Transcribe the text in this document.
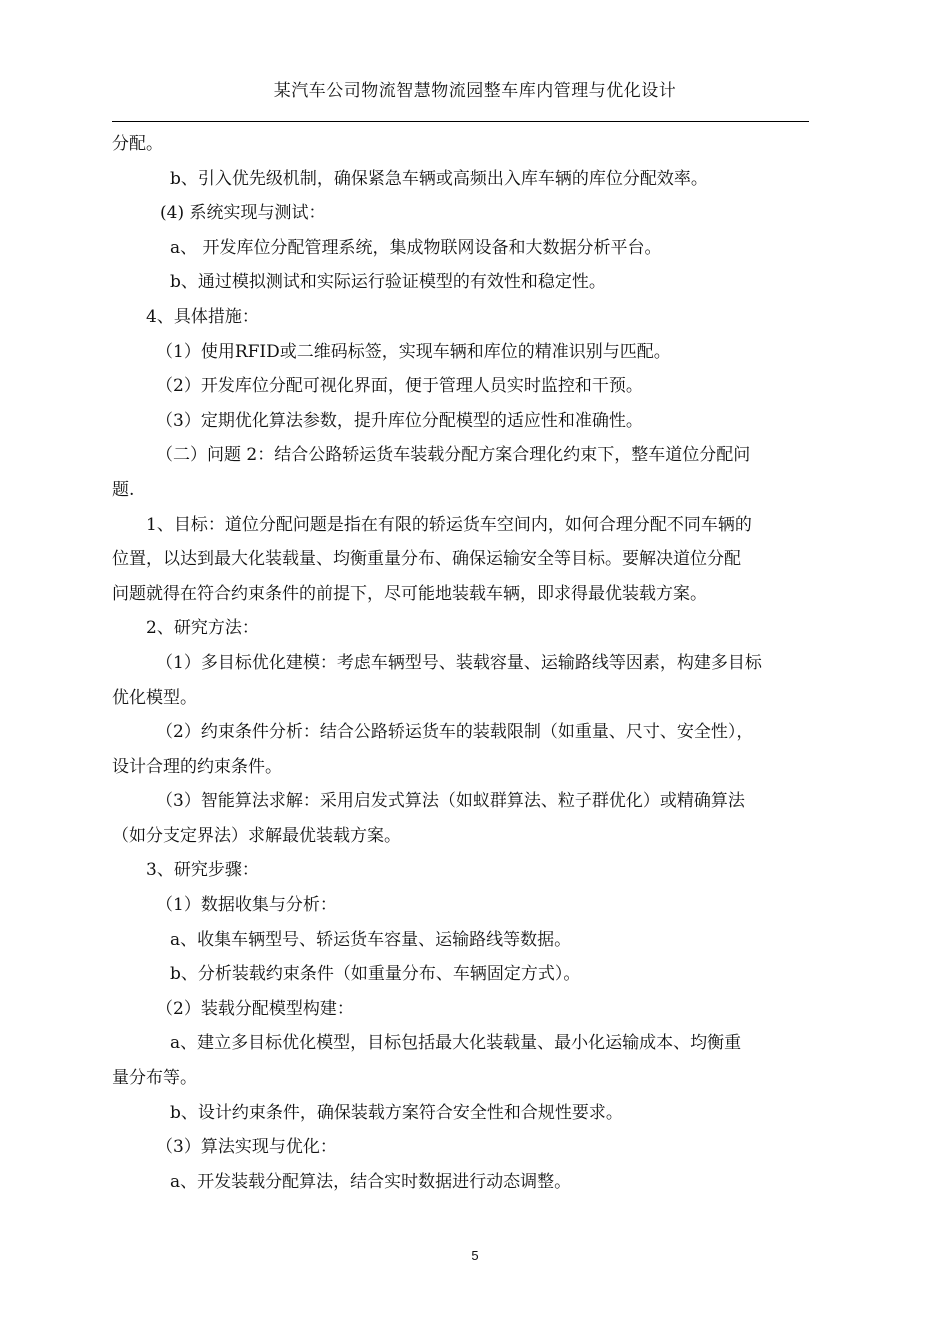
某汽车公司物流智慧物流园整车库内管理与优化设计
分配。
b、引入优先级机制，确保紧急车辆或高频出入库车辆的库位分配效率。
(4) 系统实现与测试：
a、 开发库位分配管理系统，集成物联网设备和大数据分析平台。
b、通过模拟测试和实际运行验证模型的有效性和稳定性。
4、具体措施：
（1）使用RFID或二维码标签，实现车辆和库位的精准识别与匹配。
（2）开发库位分配可视化界面，便于管理人员实时监控和干预。
（3）定期优化算法参数，提升库位分配模型的适应性和准确性。
（二）问题 2：结合公路轿运货车装载分配方案合理化约束下，整车道位分配问
题.
1、目标：道位分配问题是指在有限的轿运货车空间内，如何合理分配不同车辆的
位置，以达到最大化装载量、均衡重量分布、确保运输安全等目标。要解决道位分配
问题就得在符合约束条件的前提下，尽可能地装载车辆，即求得最优装载方案。
2、研究方法：
（1）多目标优化建模：考虑车辆型号、装载容量、运输路线等因素，构建多目标
优化模型。
（2）约束条件分析：结合公路轿运货车的装载限制（如重量、尺寸、安全性），
设计合理的约束条件。
（3）智能算法求解：采用启发式算法（如蚁群算法、粒子群优化）或精确算法
（如分支定界法）求解最优装载方案。
3、研究步骤：
（1）数据收集与分析：
a、收集车辆型号、轿运货车容量、运输路线等数据。
b、分析装载约束条件（如重量分布、车辆固定方式）。
（2）装载分配模型构建：
a、建立多目标优化模型，目标包括最大化装载量、最小化运输成本、均衡重
量分布等。
b、设计约束条件，确保装载方案符合安全性和合规性要求。
（3）算法实现与优化：
a、开发装载分配算法，结合实时数据进行动态调整。
5
